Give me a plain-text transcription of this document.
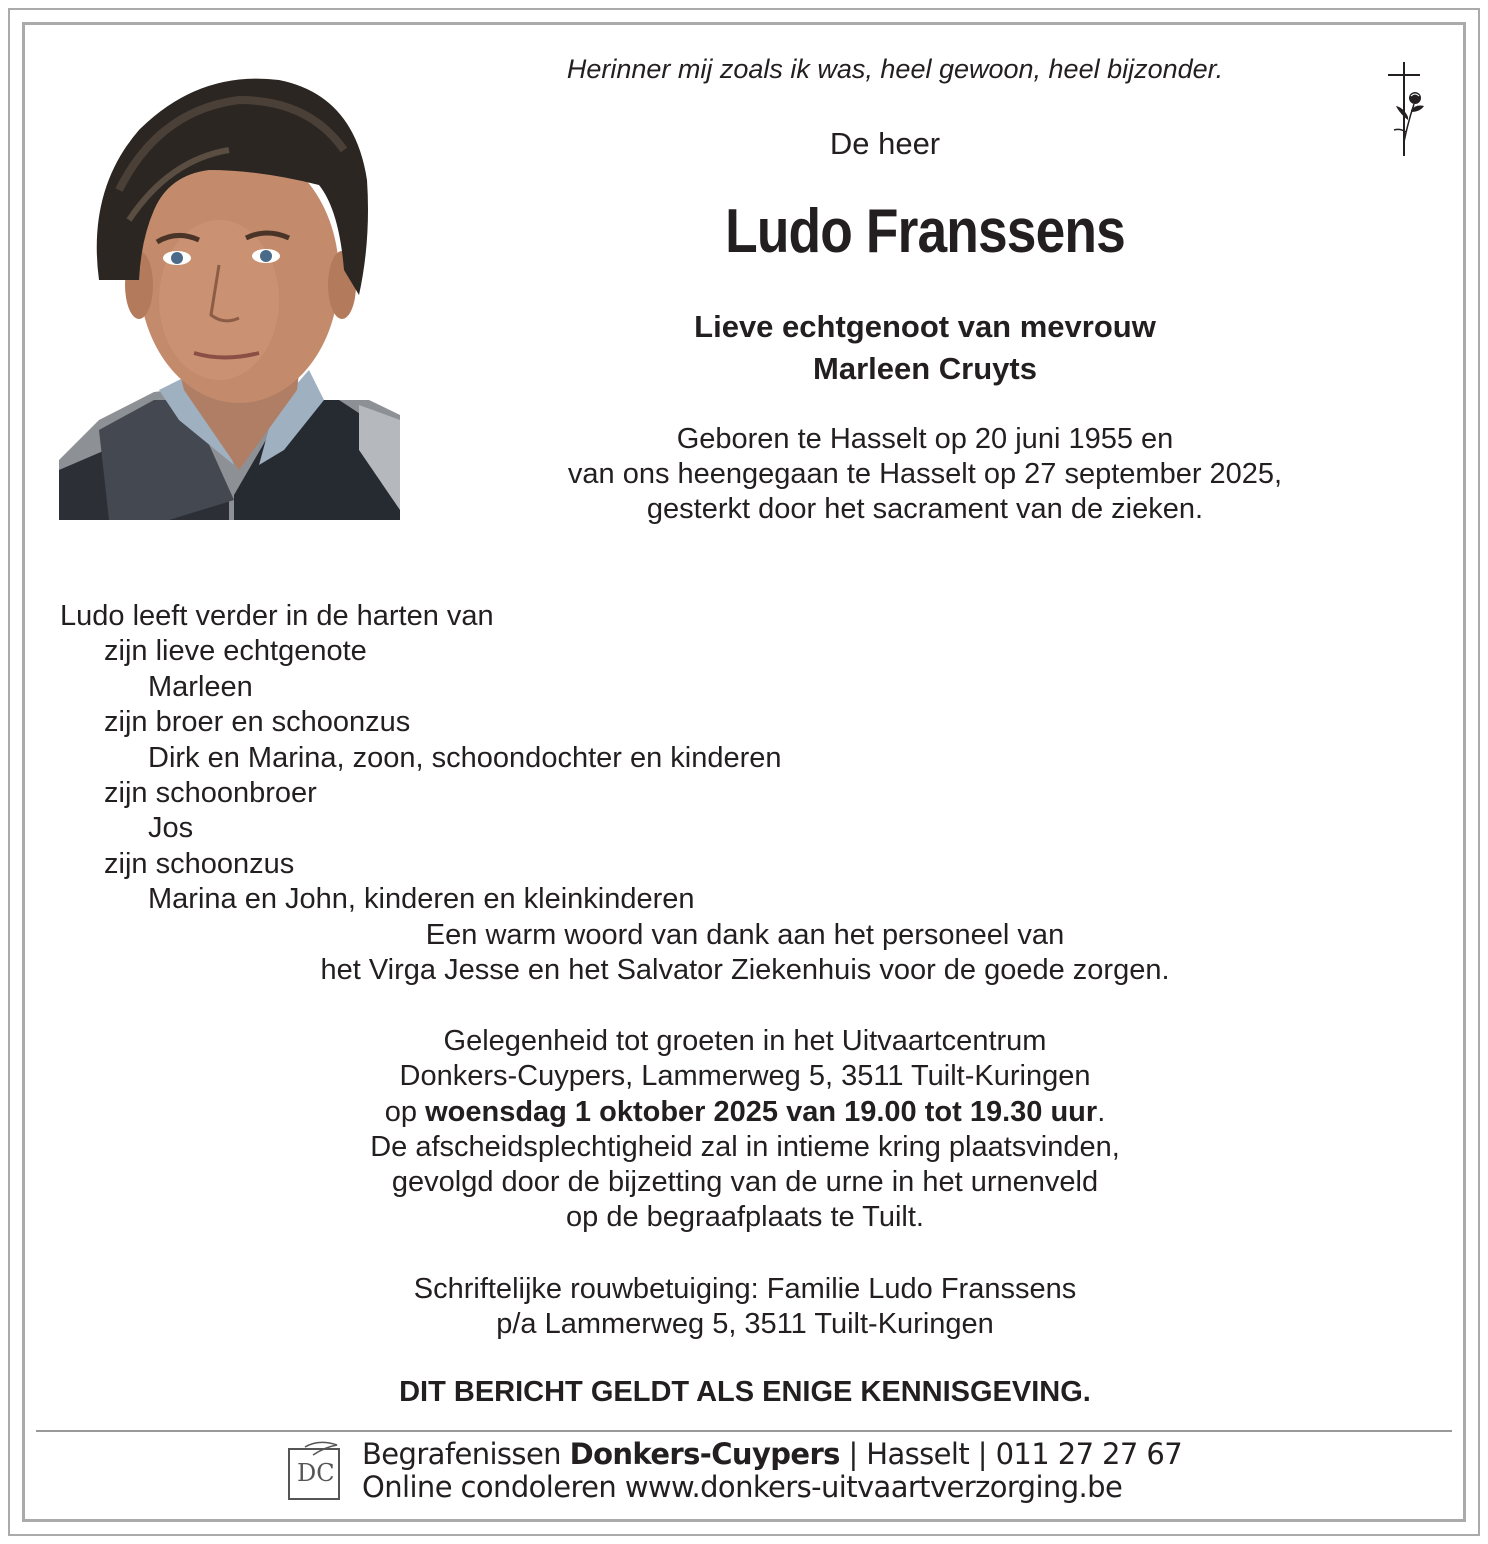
Herinner mij zoals ik was, heel gewoon, heel bijzonder.
De heer
Ludo Franssens
Lieve echtgenoot van mevrouw
Marleen Cruyts
Geboren te Hasselt op 20 juni 1955 en
van ons heengegaan te Hasselt op 27 september 2025,
gesterkt door het sacrament van de zieken.
Ludo leeft verder in de harten van
zijn lieve echtgenote
Marleen
zijn broer en schoonzus
Dirk en Marina, zoon, schoondochter en kinderen
zijn schoonbroer
Jos
zijn schoonzus
Marina en John, kinderen en kleinkinderen
Een warm woord van dank aan het personeel van
het Virga Jesse en het Salvator Ziekenhuis voor de goede zorgen.
Gelegenheid tot groeten in het Uitvaartcentrum
Donkers-Cuypers, Lammerweg 5, 3511 Tuilt-Kuringen
op woensdag 1 oktober 2025 van 19.00 tot 19.30 uur.
De afscheidsplechtigheid zal in intieme kring plaatsvinden,
gevolgd door de bijzetting van de urne in het urnenveld
op de begraafplaats te Tuilt.
Schriftelijke rouwbetuiging: Familie Ludo Franssens
p/a Lammerweg 5, 3511 Tuilt-Kuringen
DIT BERICHT GELDT ALS ENIGE KENNISGEVING.
DC
Begrafenissen Donkers-Cuypers | Hasselt | 011 27 27 67
Online condoleren www.donkers-uitvaartverzorging.be
